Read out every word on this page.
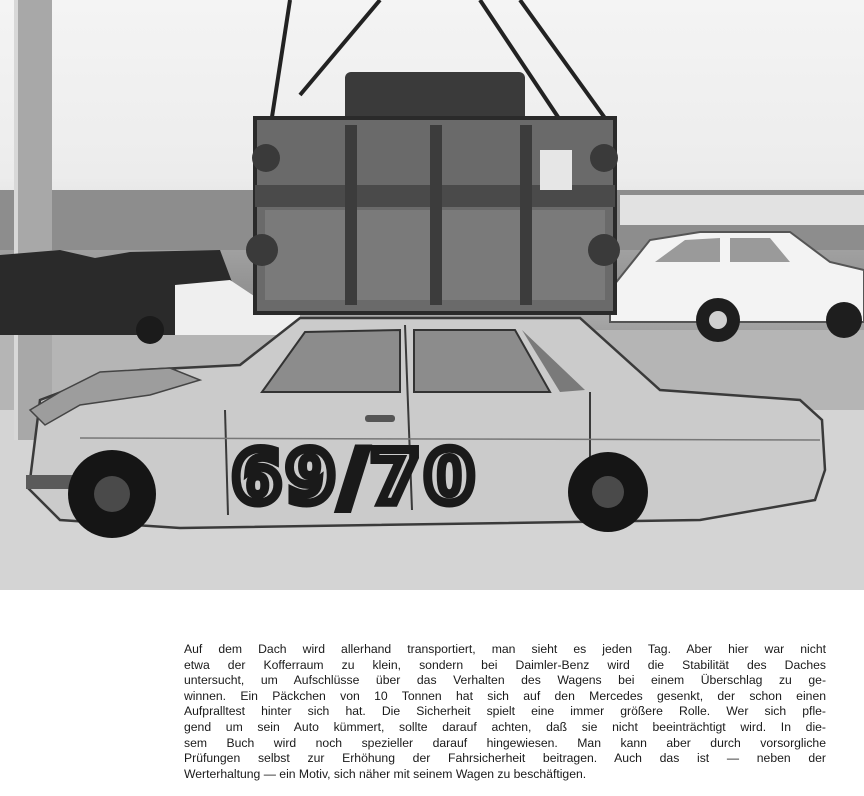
69/70

Auf dem Dach wird allerhand transportiert, man sieht es jeden Tag. Aber hier war nicht
etwa der Kofferraum zu klein, sondern bei Daimler-Benz wird die Stabilität des Daches
untersucht, um Aufschlüsse über das Verhalten des Wagens bei einem Überschlag zu ge-
winnen. Ein Päckchen von 10 Tonnen hat sich auf den Mercedes gesenkt, der schon einen
Aufpralltest hinter sich hat. Die Sicherheit spielt eine immer größere Rolle. Wer sich pfle-
gend um sein Auto kümmert, sollte darauf achten, daß sie nicht beeinträchtigt wird. In die-
sem Buch wird noch spezieller darauf hingewiesen. Man kann aber durch vorsorgliche
Prüfungen selbst zur Erhöhung der Fahrsicherheit beitragen. Auch das ist — neben der
Werterhaltung — ein Motiv, sich näher mit seinem Wagen zu beschäftigen.
